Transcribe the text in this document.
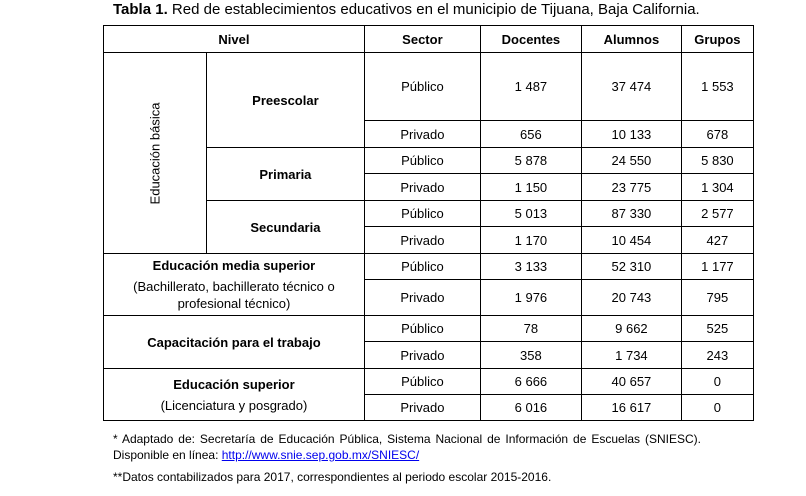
Tabla 1. Red de establecimientos educativos en el municipio de Tijuana, Baja California.
Nivel		Sector	Docentes	Alumnos	Grupos
Educación básica	Preescolar	Público	1 487	37 474	1 553
		Privado	656	10 133	678
	Primaria	Público	5 878	24 550	5 830
		Privado	1 150	23 775	1 304
	Secundaria	Público	5 013	87 330	2 577
		Privado	1 170	10 454	427

Educación media superior
(Bachillerato, bachillerato técnico o profesional técnico)		Público	3 133	52 310	1 177
		Privado	1 976	20 743	795
Capacitación para el trabajo		Público	78	9 662	525
		Privado	358	1 734	243

Educación superior
(Licenciatura y posgrado)		Público	6 666	40 657	0
		Privado	6 016	16 617	0
* Adaptado de: Secretaría de Educación Pública, Sistema Nacional de Información de Escuelas (SNIESC). Disponible en línea: http://www.snie.sep.gob.mx/SNIESC/
**Datos contabilizados para 2017, correspondientes al periodo escolar 2015-2016.
